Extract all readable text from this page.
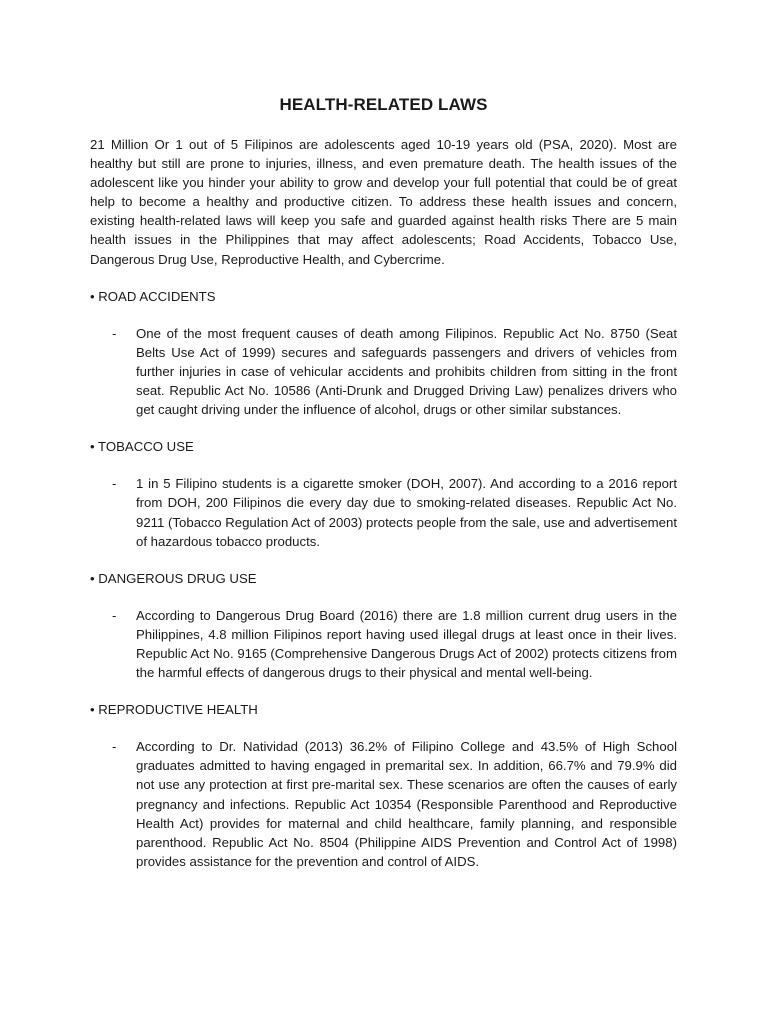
HEALTH-RELATED LAWS

21 Million Or 1 out of 5 Filipinos are adolescents aged 10-19 years old (PSA, 2020). Most are healthy but still are prone to injuries, illness, and even premature death. The health issues of the adolescent like you hinder your ability to grow and develop your full potential that could be of great help to become a healthy and productive citizen. To address these health issues and concern, existing health-related laws will keep you safe and guarded against health risks There are 5 main health issues in the Philippines that may affect adolescents; Road Accidents, Tobacco Use, Dangerous Drug Use, Reproductive Health, and Cybercrime.

• ROAD ACCIDENTS

- One of the most frequent causes of death among Filipinos. Republic Act No. 8750 (Seat Belts Use Act of 1999) secures and safeguards passengers and drivers of vehicles from further injuries in case of vehicular accidents and prohibits children from sitting in the front seat. Republic Act No. 10586 (Anti-Drunk and Drugged Driving Law) penalizes drivers who get caught driving under the influence of alcohol, drugs or other similar substances.

• TOBACCO USE

- 1 in 5 Filipino students is a cigarette smoker (DOH, 2007). And according to a 2016 report from DOH, 200 Filipinos die every day due to smoking-related diseases. Republic Act No. 9211 (Tobacco Regulation Act of 2003) protects people from the sale, use and advertisement of hazardous tobacco products.

• DANGEROUS DRUG USE

- According to Dangerous Drug Board (2016) there are 1.8 million current drug users in the Philippines, 4.8 million Filipinos report having used illegal drugs at least once in their lives. Republic Act No. 9165 (Comprehensive Dangerous Drugs Act of 2002) protects citizens from the harmful effects of dangerous drugs to their physical and mental well-being.

• REPRODUCTIVE HEALTH

- According to Dr. Natividad (2013) 36.2% of Filipino College and 43.5% of High School graduates admitted to having engaged in premarital sex. In addition, 66.7% and 79.9% did not use any protection at first pre-marital sex. These scenarios are often the causes of early pregnancy and infections. Republic Act 10354 (Responsible Parenthood and Reproductive Health Act) provides for maternal and child healthcare, family planning, and responsible parenthood. Republic Act No. 8504 (Philippine AIDS Prevention and Control Act of 1998) provides assistance for the prevention and control of AIDS.
